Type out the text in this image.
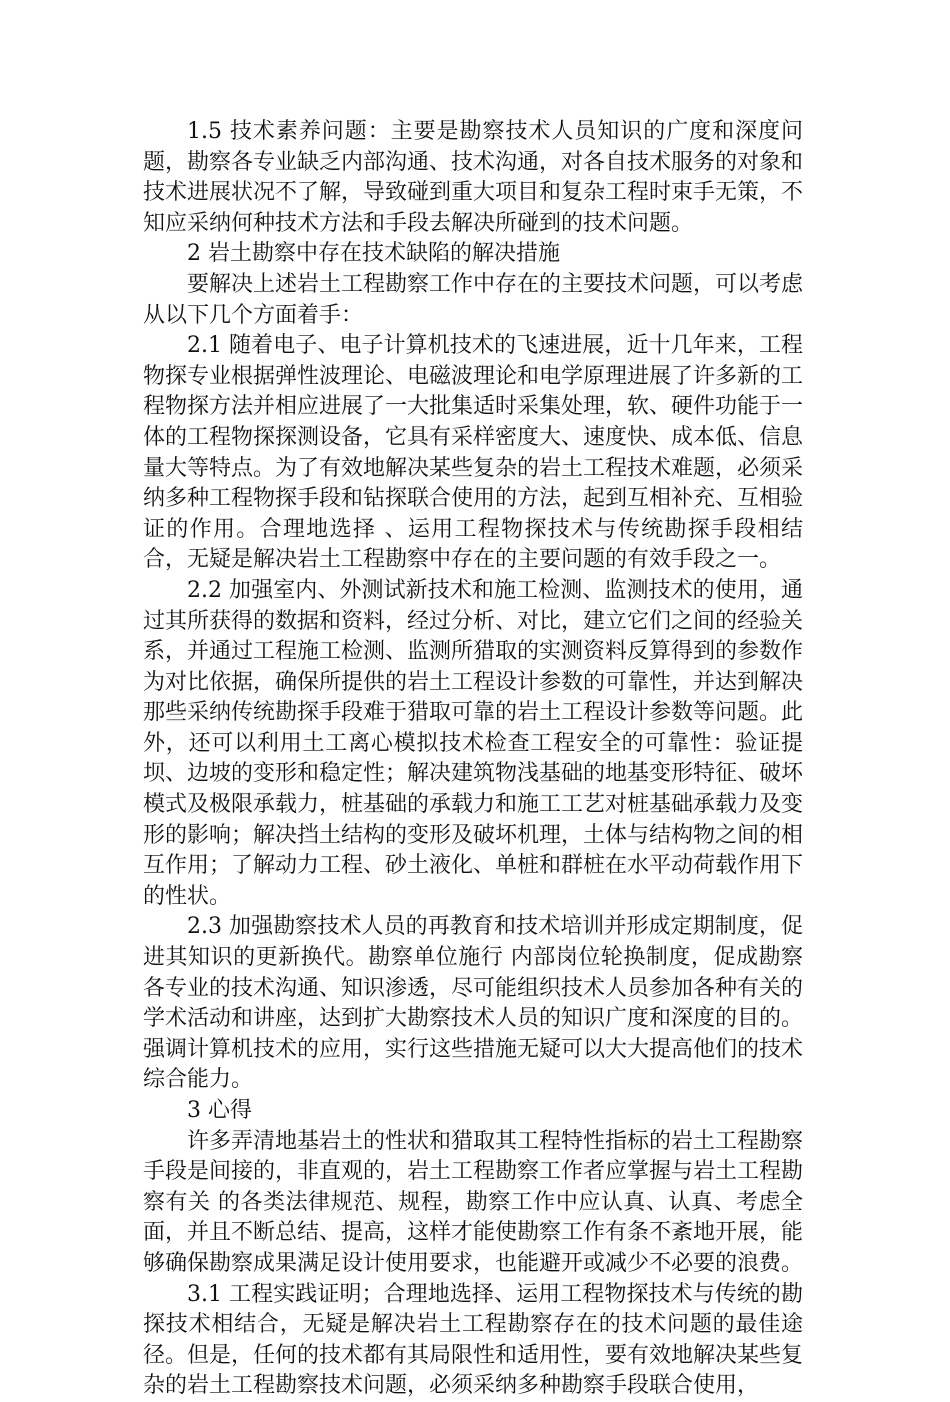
1.5 技术素养问题：主要是勘察技术人员知识的广度和深度问题，勘察各专业缺乏内部沟通、技术沟通，对各自技术服务的对象和技术进展状况不了解，导致碰到重大项目和复杂工程时束手无策，不知应采纳何种技术方法和手段去解决所碰到的技术问题。

2 岩土勘察中存在技术缺陷的解决措施

要解决上述岩土工程勘察工作中存在的主要技术问题，可以考虑从以下几个方面着手：

2.1 随着电子、电子计算机技术的飞速进展，近十几年来，工程物探专业根据弹性波理论、电磁波理论和电学原理进展了许多新的工程物探方法并相应进展了一大批集适时采集处理，软、硬件功能于一体的工程物探探测设备，它具有采样密度大、速度快、成本低、信息量大等特点。为了有效地解决某些复杂的岩土工程技术难题，必须采纳多种工程物探手段和钻探联合使用的方法，起到互相补充、互相验证的作用。合理地选择 、运用工程物探技术与传统勘探手段相结合，无疑是解决岩土工程勘察中存在的主要问题的有效手段之一。

2.2 加强室内、外测试新技术和施工检测、监测技术的使用，通过其所获得的数据和资料，经过分析、对比，建立它们之间的经验关系，并通过工程施工检测、监测所猎取的实测资料反算得到的参数作为对比依据，确保所提供的岩土工程设计参数的可靠性，并达到解决那些采纳传统勘探手段难于猎取可靠的岩土工程设计参数等问题。此外，还可以利用土工离心模拟技术检查工程安全的可靠性：验证提坝、边坡的变形和稳定性；解决建筑物浅基础的地基变形特征、破坏模式及极限承载力，桩基础的承载力和施工工艺对桩基础承载力及变形的影响；解决挡土结构的变形及破坏机理，土体与结构物之间的相互作用；了解动力工程、砂土液化、单桩和群桩在水平动荷载作用下的性状。

2.3 加强勘察技术人员的再教育和技术培训并形成定期制度，促进其知识的更新换代。勘察单位施行 内部岗位轮换制度，促成勘察各专业的技术沟通、知识渗透，尽可能组织技术人员参加各种有关的学术活动和讲座，达到扩大勘察技术人员的知识广度和深度的目的。强调计算机技术的应用，实行这些措施无疑可以大大提高他们的技术综合能力。

3 心得

许多弄清地基岩土的性状和猎取其工程特性指标的岩土工程勘察手段是间接的，非直观的，岩土工程勘察工作者应掌握与岩土工程勘察有关 的各类法律规范、规程，勘察工作中应认真、认真、考虑全面，并且不断总结、提高，这样才能使勘察工作有条不紊地开展，能够确保勘察成果满足设计使用要求，也能避开或减少不必要的浪费。

3.1 工程实践证明；合理地选择、运用工程物探技术与传统的勘探技术相结合，无疑是解决岩土工程勘察存在的技术问题的最佳途径。但是，任何的技术都有其局限性和适用性，要有效地解决某些复杂的岩土工程勘察技术问题，必须采纳多种勘察手段联合使用，
